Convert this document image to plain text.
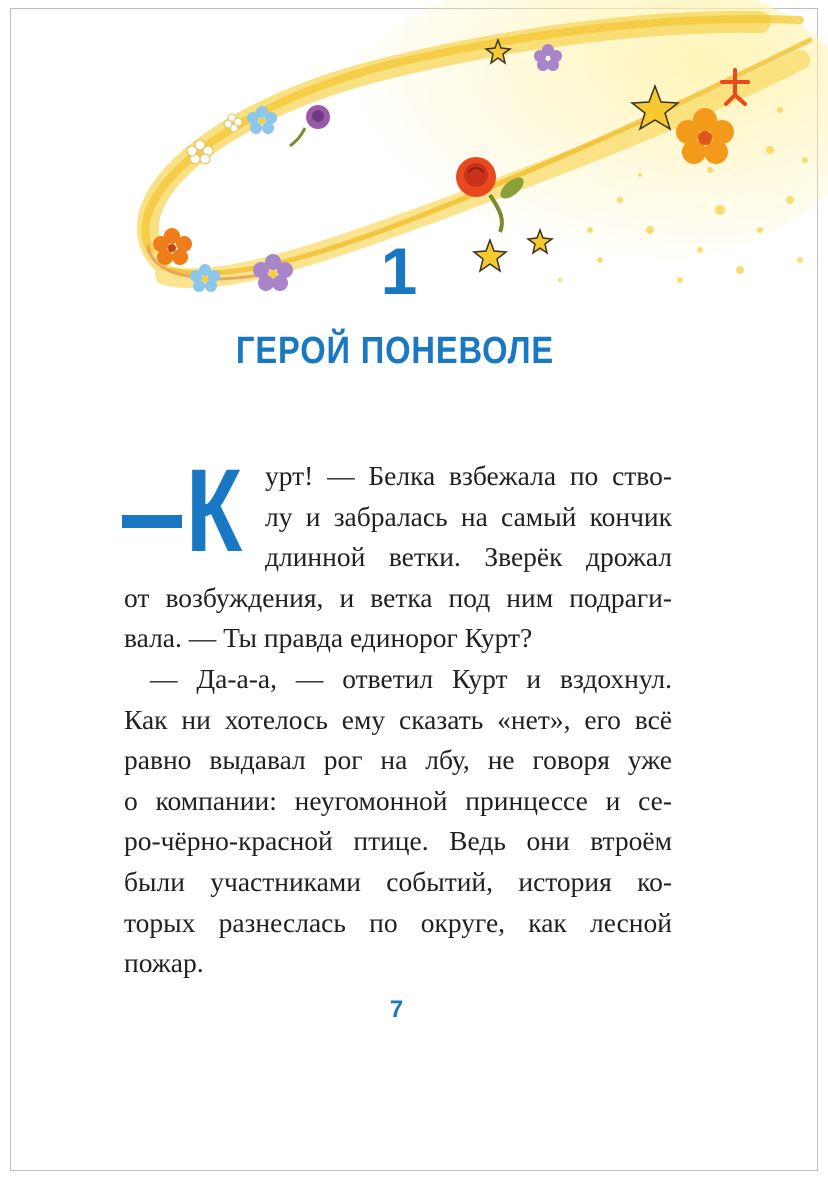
1
ГЕРОЙ ПОНЕВОЛЕ
К урт! — Белка взбежала по ство-
лу и забралась на самый кончик
длинной ветки. Зверёк дрожал
от возбуждения, и ветка под ним подраги-
вала. — Ты правда единорог Курт?
— Да-а-а, — ответил Курт и вздохнул.
Как ни хотелось ему сказать «нет», его всё
равно выдавал рог на лбу, не говоря уже
о компании: неугомонной принцессе и се-
ро-чёрно-красной птице. Ведь они втроём
были участниками событий, история ко-
торых разнеслась по округе, как лесной
пожар.
7
